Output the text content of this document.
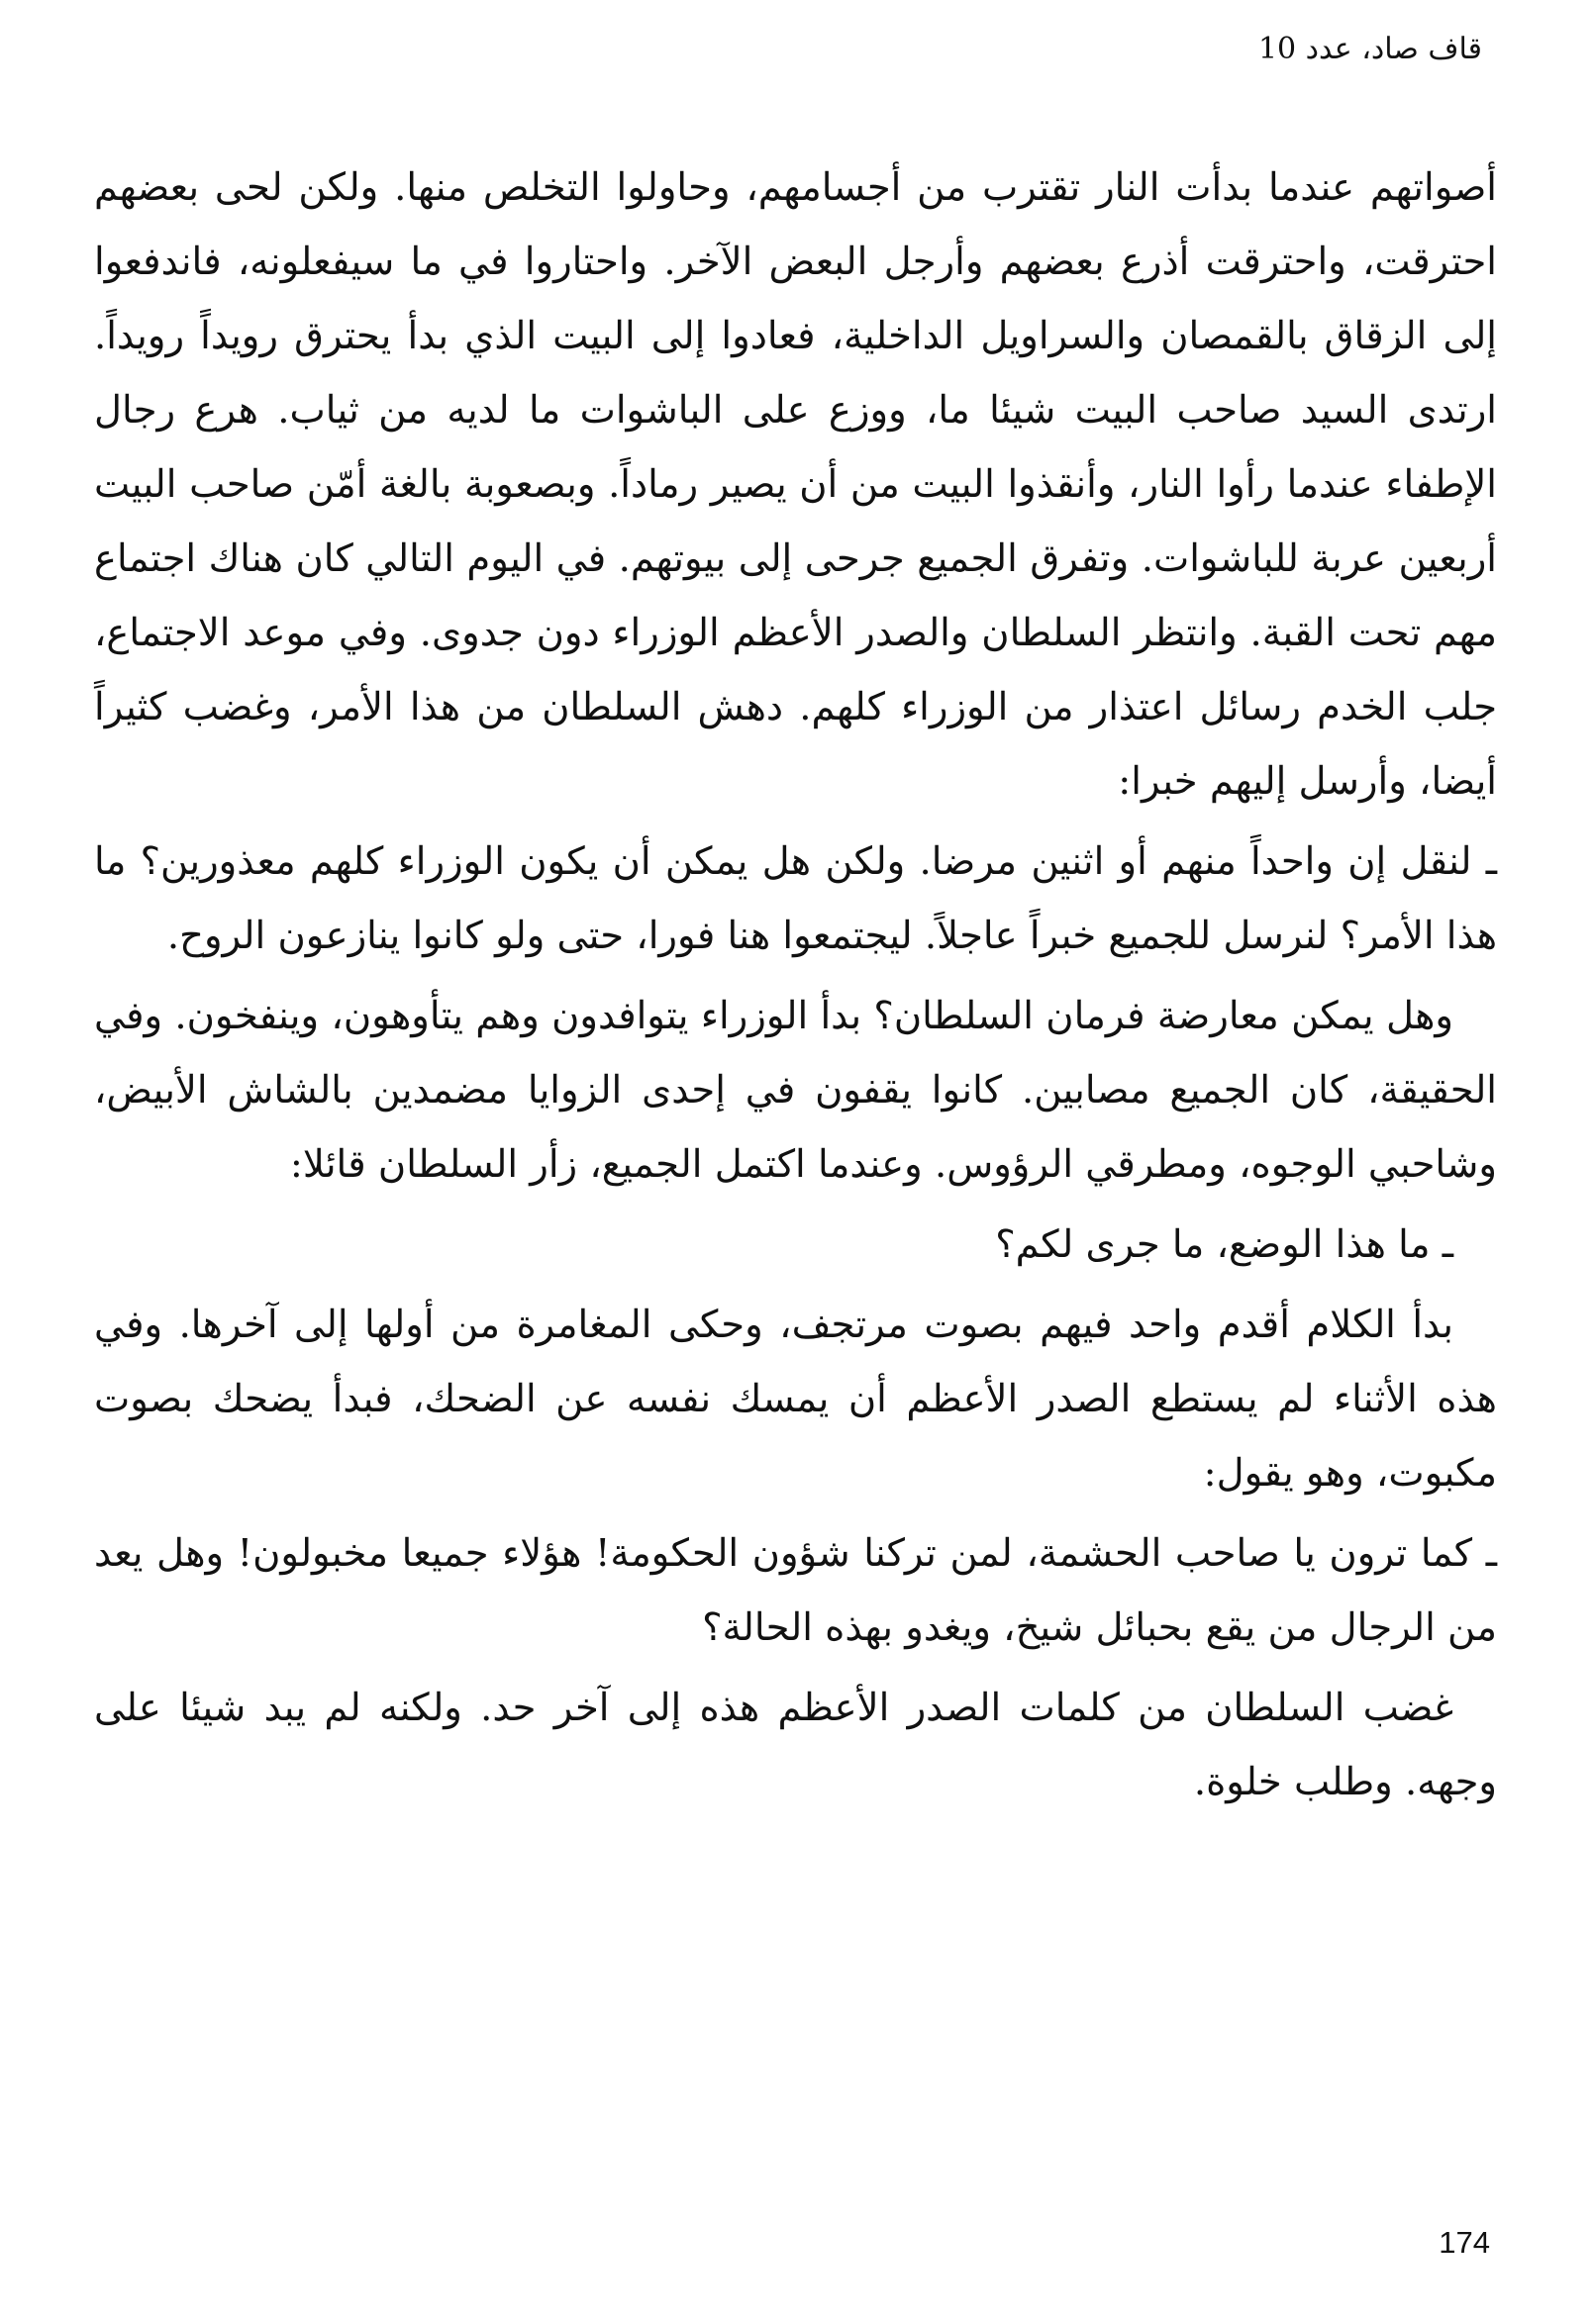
قاف صاد، عدد 10

أصواتهم عندما بدأت النار تقترب من أجسامهم، وحاولوا التخلص منها. ولكن لحى بعضهم احترقت، واحترقت أذرع بعضهم وأرجل البعض الآخر. واحتاروا في ما سيفعلونه، فاندفعوا إلى الزقاق بالقمصان والسراويل الداخلية، فعادوا إلى البيت الذي بدأ يحترق رويداً رويداً. ارتدى السيد صاحب البيت شيئا ما، ووزع على الباشوات ما لديه من ثياب. هرع رجال الإطفاء عندما رأوا النار، وأنقذوا البيت من أن يصير رماداً. وبصعوبة بالغة أمّن صاحب البيت أربعين عربة للباشوات. وتفرق الجميع جرحى إلى بيوتهم. في اليوم التالي كان هناك اجتماع مهم تحت القبة. وانتظر السلطان والصدر الأعظم الوزراء دون جدوى. وفي موعد الاجتماع، جلب الخدم رسائل اعتذار من الوزراء كلهم. دهش السلطان من هذا الأمر، وغضب كثيراً أيضا، وأرسل إليهم خبرا:

ـ لنقل إن واحداً منهم أو اثنين مرضا. ولكن هل يمكن أن يكون الوزراء كلهم معذورين؟ ما هذا الأمر؟ لنرسل للجميع خبراً عاجلاً. ليجتمعوا هنا فورا، حتى ولو كانوا ينازعون الروح.

وهل يمكن معارضة فرمان السلطان؟ بدأ الوزراء يتوافدون وهم يتأوهون، وينفخون. وفي الحقيقة، كان الجميع مصابين. كانوا يقفون في إحدى الزوايا مضمدين بالشاش الأبيض، وشاحبي الوجوه، ومطرقي الرؤوس. وعندما اكتمل الجميع، زأر السلطان قائلا:

ـ ما هذا الوضع، ما جرى لكم؟

بدأ الكلام أقدم واحد فيهم بصوت مرتجف، وحكى المغامرة من أولها إلى آخرها. وفي هذه الأثناء لم يستطع الصدر الأعظم أن يمسك نفسه عن الضحك، فبدأ يضحك بصوت مكبوت، وهو يقول:

ـ كما ترون يا صاحب الحشمة، لمن تركنا شؤون الحكومة! هؤلاء جميعا مخبولون! وهل يعد من الرجال من يقع بحبائل شيخ، ويغدو بهذه الحالة؟

غضب السلطان من كلمات الصدر الأعظم هذه إلى آخر حد. ولكنه لم يبد شيئا على وجهه. وطلب خلوة.

174
